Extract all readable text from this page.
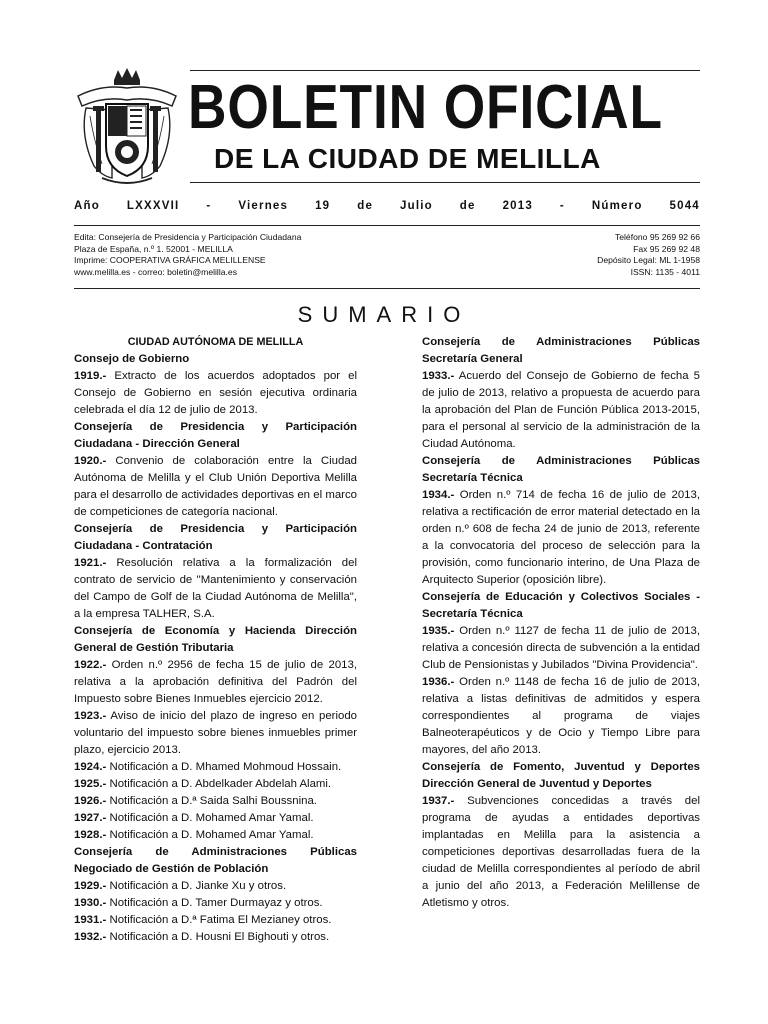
BOLETIN OFICIAL
DE LA CIUDAD DE MELILLA
Año LXXXVII - Viernes 19 de Julio de 2013 - Número 5044
Edita: Consejería de Presidencia y Participación Ciudadana
Plaza de España, n.º 1. 52001 - MELILLA
Imprime: COOPERATIVA GRÁFICA MELILLENSE
www.melilla.es - correo: boletin@melilla.es
Teléfono 95 269 92 66
Fax 95 269 92 48
Depósito Legal: ML 1-1958
ISSN: 1135 - 4011
SUMARIO

CIUDAD AUTÓNOMA DE MELILLA

Consejo de Gobierno

1919.- Extracto de los acuerdos adoptados por el Consejo de Gobierno en sesión ejecutiva ordinaria celebrada el día 12 de julio de 2013.

Consejería de Presidencia y Participación Ciudadana - Dirección General

1920.- Convenio de colaboración entre la Ciudad Autónoma de Melilla y el Club Unión Deportiva Melilla para el desarrollo de actividades deportivas en el marco de competiciones de categoría nacional.

Consejería de Presidencia y Participación Ciudadana - Contratación

1921.- Resolución relativa a la formalización del contrato de servicio de "Mantenimiento y conservación del Campo de Golf de la Ciudad Autónoma de Melilla", a la empresa TALHER, S.A.

Consejería de Economía y Hacienda Dirección General de Gestión Tributaria

1922.- Orden n.º 2956 de fecha 15 de julio de 2013, relativa a la aprobación definitiva del Padrón del Impuesto sobre Bienes Inmuebles ejercicio 2012.

1923.- Aviso de inicio del plazo de ingreso en periodo voluntario del impuesto sobre bienes inmuebles primer plazo, ejercicio 2013.

1924.- Notificación a D. Mhamed Mohmoud Hossain.

1925.- Notificación a D. Abdelkader Abdelah Alami.

1926.- Notificación a D.ª Saida Salhi Boussnina.

1927.- Notificación a D. Mohamed Amar Yamal.

1928.- Notificación a D. Mohamed Amar Yamal.

Consejería de Administraciones Públicas Negociado de Gestión de Población

1929.- Notificación a D. Jianke Xu y otros.

1930.- Notificación a D. Tamer Durmayaz y otros.

1931.- Notificación a D.ª Fatima El Mezianey otros.

1932.- Notificación a D. Housni El Bighouti y otros.

Consejería de Administraciones Públicas Secretaría General

1933.- Acuerdo del Consejo de Gobierno de fecha 5 de julio de 2013, relativo a propuesta de acuerdo para la aprobación del Plan de Función Pública 2013-2015, para el personal al servicio de la administración de la Ciudad Autónoma.

Consejería de Administraciones Públicas Secretaría Técnica

1934.- Orden n.º 714 de fecha 16 de julio de 2013, relativa a rectificación de error material detectado en la orden n.º 608 de fecha 24 de junio de 2013, referente a la convocatoria del proceso de selección para la provisión, como funcionario interino, de Una Plaza de Arquitecto Superior (oposición libre).

Consejería de Educación y Colectivos Sociales - Secretaría Técnica

1935.- Orden n.º 1127 de fecha 11 de julio de 2013, relativa a concesión directa de subvención a la entidad Club de Pensionistas y Jubilados "Divina Providencia".

1936.- Orden n.º 1148 de fecha 16 de julio de 2013, relativa a listas definitivas de admitidos y espera correspondientes al programa de viajes Balneoterapéuticos y de Ocio y Tiempo Libre para mayores, del año 2013.

Consejería de Fomento, Juventud y Deportes Dirección General de Juventud y Deportes

1937.- Subvenciones concedidas a través del programa de ayudas a entidades deportivas implantadas en Melilla para la asistencia a competiciones deportivas desarrolladas fuera de la ciudad de Melilla correspondientes al período de abril a junio del año 2013, a Federación Melillense de Atletismo y otros.
